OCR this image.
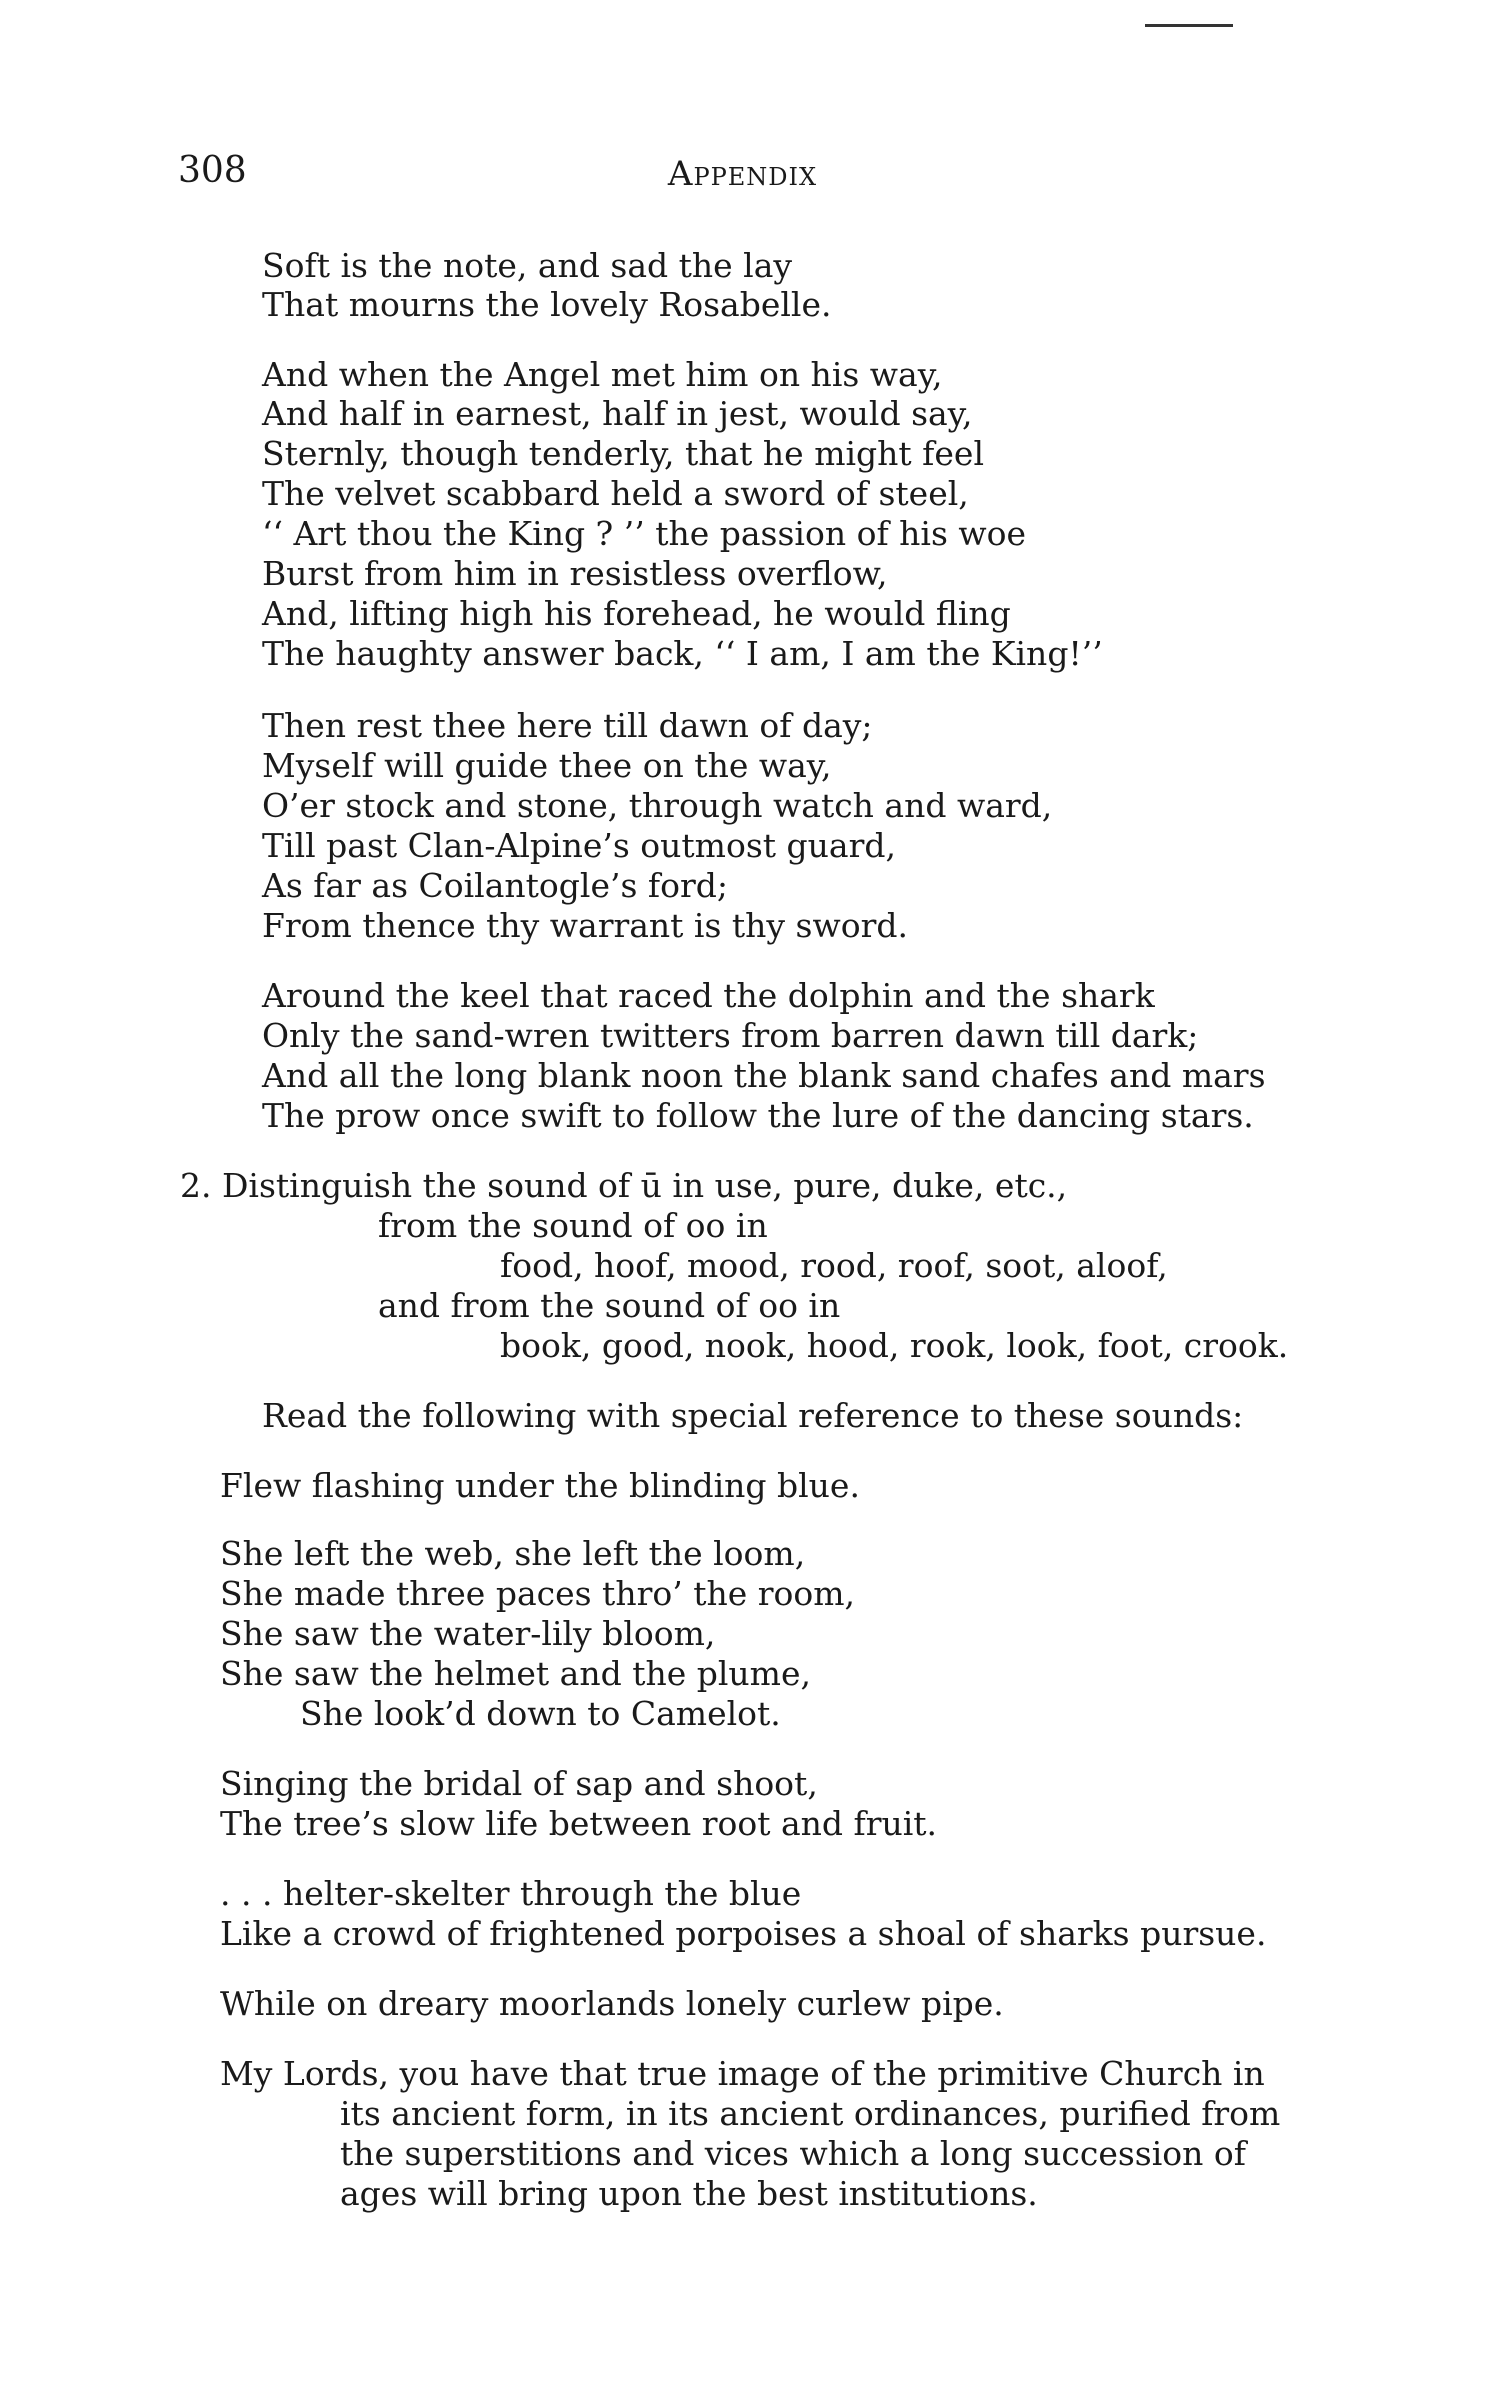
308	Appendix
Soft is the note, and sad the lay
That mourns the lovely Rosabelle.
And when the Angel met him on his way,
And half in earnest, half in jest, would say,
Sternly, though tenderly, that he might feel
The velvet scabbard held a sword of steel,
‘‘ Art thou the King ? ’’ the passion of his woe
Burst from him in resistless overflow,
And, lifting high his forehead, he would fling
The haughty answer back, ‘‘ I am, I am the King!’’
Then rest thee here till dawn of day;
Myself will guide thee on the way,
O’er stock and stone, through watch and ward,
Till past Clan-Alpine’s outmost guard,
As far as Coilantogle’s ford;
From thence thy warrant is thy sword.
Around the keel that raced the dolphin and the shark
Only the sand-wren twitters from barren dawn till dark;
And all the long blank noon the blank sand chafes and mars
The prow once swift to follow the lure of the dancing stars.
2. Distinguish the sound of ū in use, pure, duke, etc.,
from the sound of oo in
food, hoof, mood, rood, roof, soot, aloof,
and from the sound of oo in
book, good, nook, hood, rook, look, foot, crook.
Read the following with special reference to these sounds:
Flew flashing under the blinding blue.
She left the web, she left the loom,
She made three paces thro’ the room,
She saw the water-lily bloom,
She saw the helmet and the plume,
She look’d down to Camelot.
Singing the bridal of sap and shoot,
The tree’s slow life between root and fruit.
. . . helter-skelter through the blue
Like a crowd of frightened porpoises a shoal of sharks pursue.
While on dreary moorlands lonely curlew pipe.
My Lords, you have that true image of the primitive Church in
its ancient form, in its ancient ordinances, purified from
the superstitions and vices which a long succession of
ages will bring upon the best institutions.
